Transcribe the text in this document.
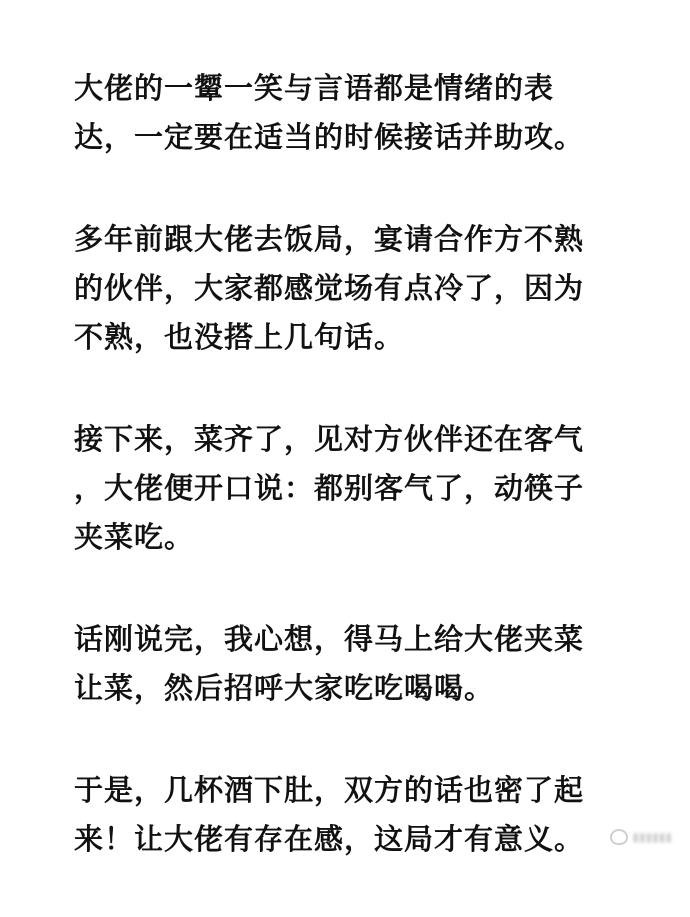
大佬的一颦一笑与言语都是情绪的表
达，一定要在适当的时候接话并助攻。

多年前跟大佬去饭局，宴请合作方不熟
的伙伴，大家都感觉场有点冷了，因为
不熟，也没搭上几句话。

接下来，菜齐了，见对方伙伴还在客气
，大佬便开口说：都别客气了，动筷子
夹菜吃。

话刚说完，我心想，得马上给大佬夹菜
让菜，然后招呼大家吃吃喝喝。

于是，几杯酒下肚，双方的话也密了起
来！让大佬有存在感，这局才有意义。	▮▮▮▮▮▮
